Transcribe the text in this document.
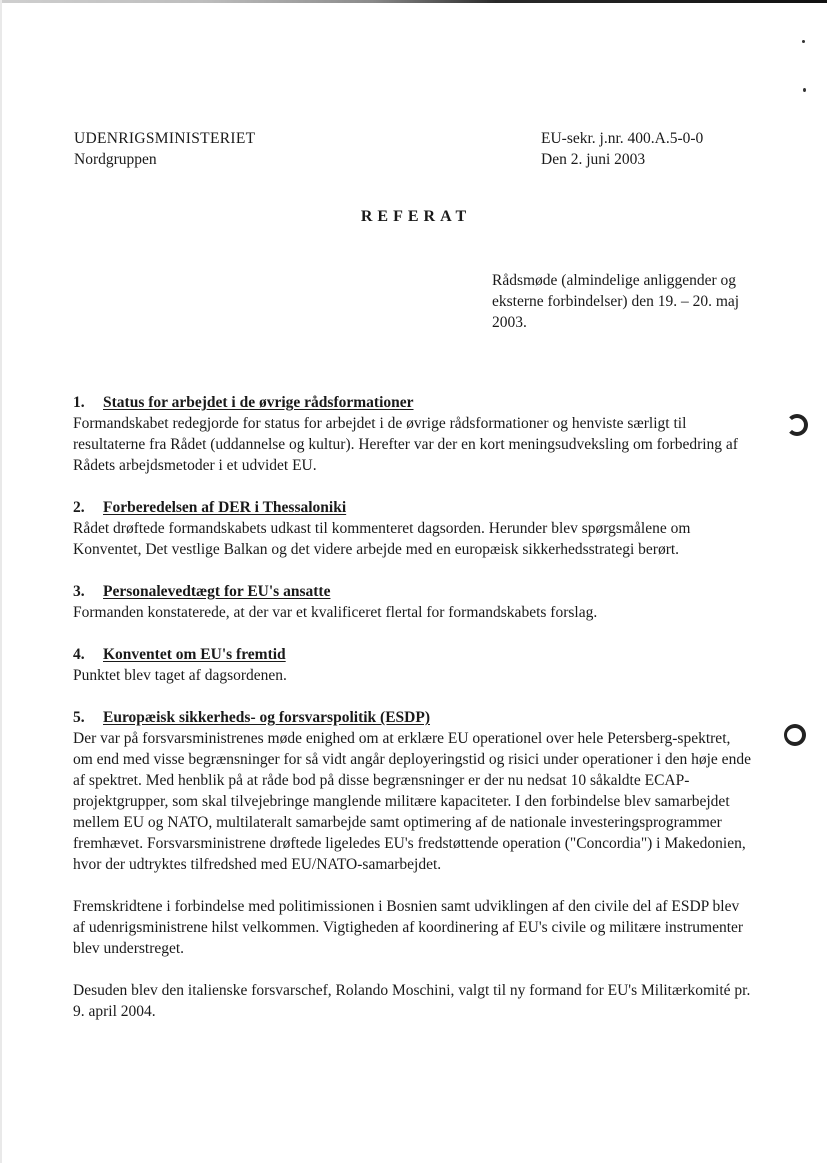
UDENRIGSMINISTERIET
Nordgruppen
EU-sekr. j.nr. 400.A.5-0-0
Den 2. juni 2003
REFERAT
Rådsmøde (almindelige anliggender og eksterne forbindelser) den 19. – 20. maj 2003.
1. Status for arbejdet i de øvrige rådsformationer

Formandskabet redegjorde for status for arbejdet i de øvrige rådsformationer og henviste særligt til resultaterne fra Rådet (uddannelse og kultur). Herefter var der en kort meningsudveksling om forbedring af Rådets arbejdsmetoder i et udvidet EU.

2. Forberedelsen af DER i Thessaloniki

Rådet drøftede formandskabets udkast til kommenteret dagsorden. Herunder blev spørgsmålene om Konventet, Det vestlige Balkan og det videre arbejde med en europæisk sikkerhedsstrategi berørt.

3. Personalevedtægt for EU's ansatte

Formanden konstaterede, at der var et kvalificeret flertal for formandskabets forslag.

4. Konventet om EU's fremtid

Punktet blev taget af dagsordenen.

5. Europæisk sikkerheds- og forsvarspolitik (ESDP)

Der var på forsvarsministrenes møde enighed om at erklære EU operationel over hele Petersberg-spektret, om end med visse begrænsninger for så vidt angår deployeringstid og risici under operationer i den høje ende af spektret. Med henblik på at råde bod på disse begrænsninger er der nu nedsat 10 såkaldte ECAP-projektgrupper, som skal tilvejebringe manglende militære kapaciteter. I den forbindelse blev samarbejdet mellem EU og NATO, multilateralt samarbejde samt optimering af de nationale investeringsprogrammer fremhævet. Forsvarsministrene drøftede ligeledes EU's fredstøttende operation ("Concordia") i Makedonien, hvor der udtryktes tilfredshed med EU/NATO-samarbejdet.

Fremskridtene i forbindelse med politimissionen i Bosnien samt udviklingen af den civile del af ESDP blev af udenrigsministrene hilst velkommen. Vigtigheden af koordinering af EU's civile og militære instrumenter blev understreget.

Desuden blev den italienske forsvarschef, Rolando Moschini, valgt til ny formand for EU's Militærkomité pr. 9. april 2004.
